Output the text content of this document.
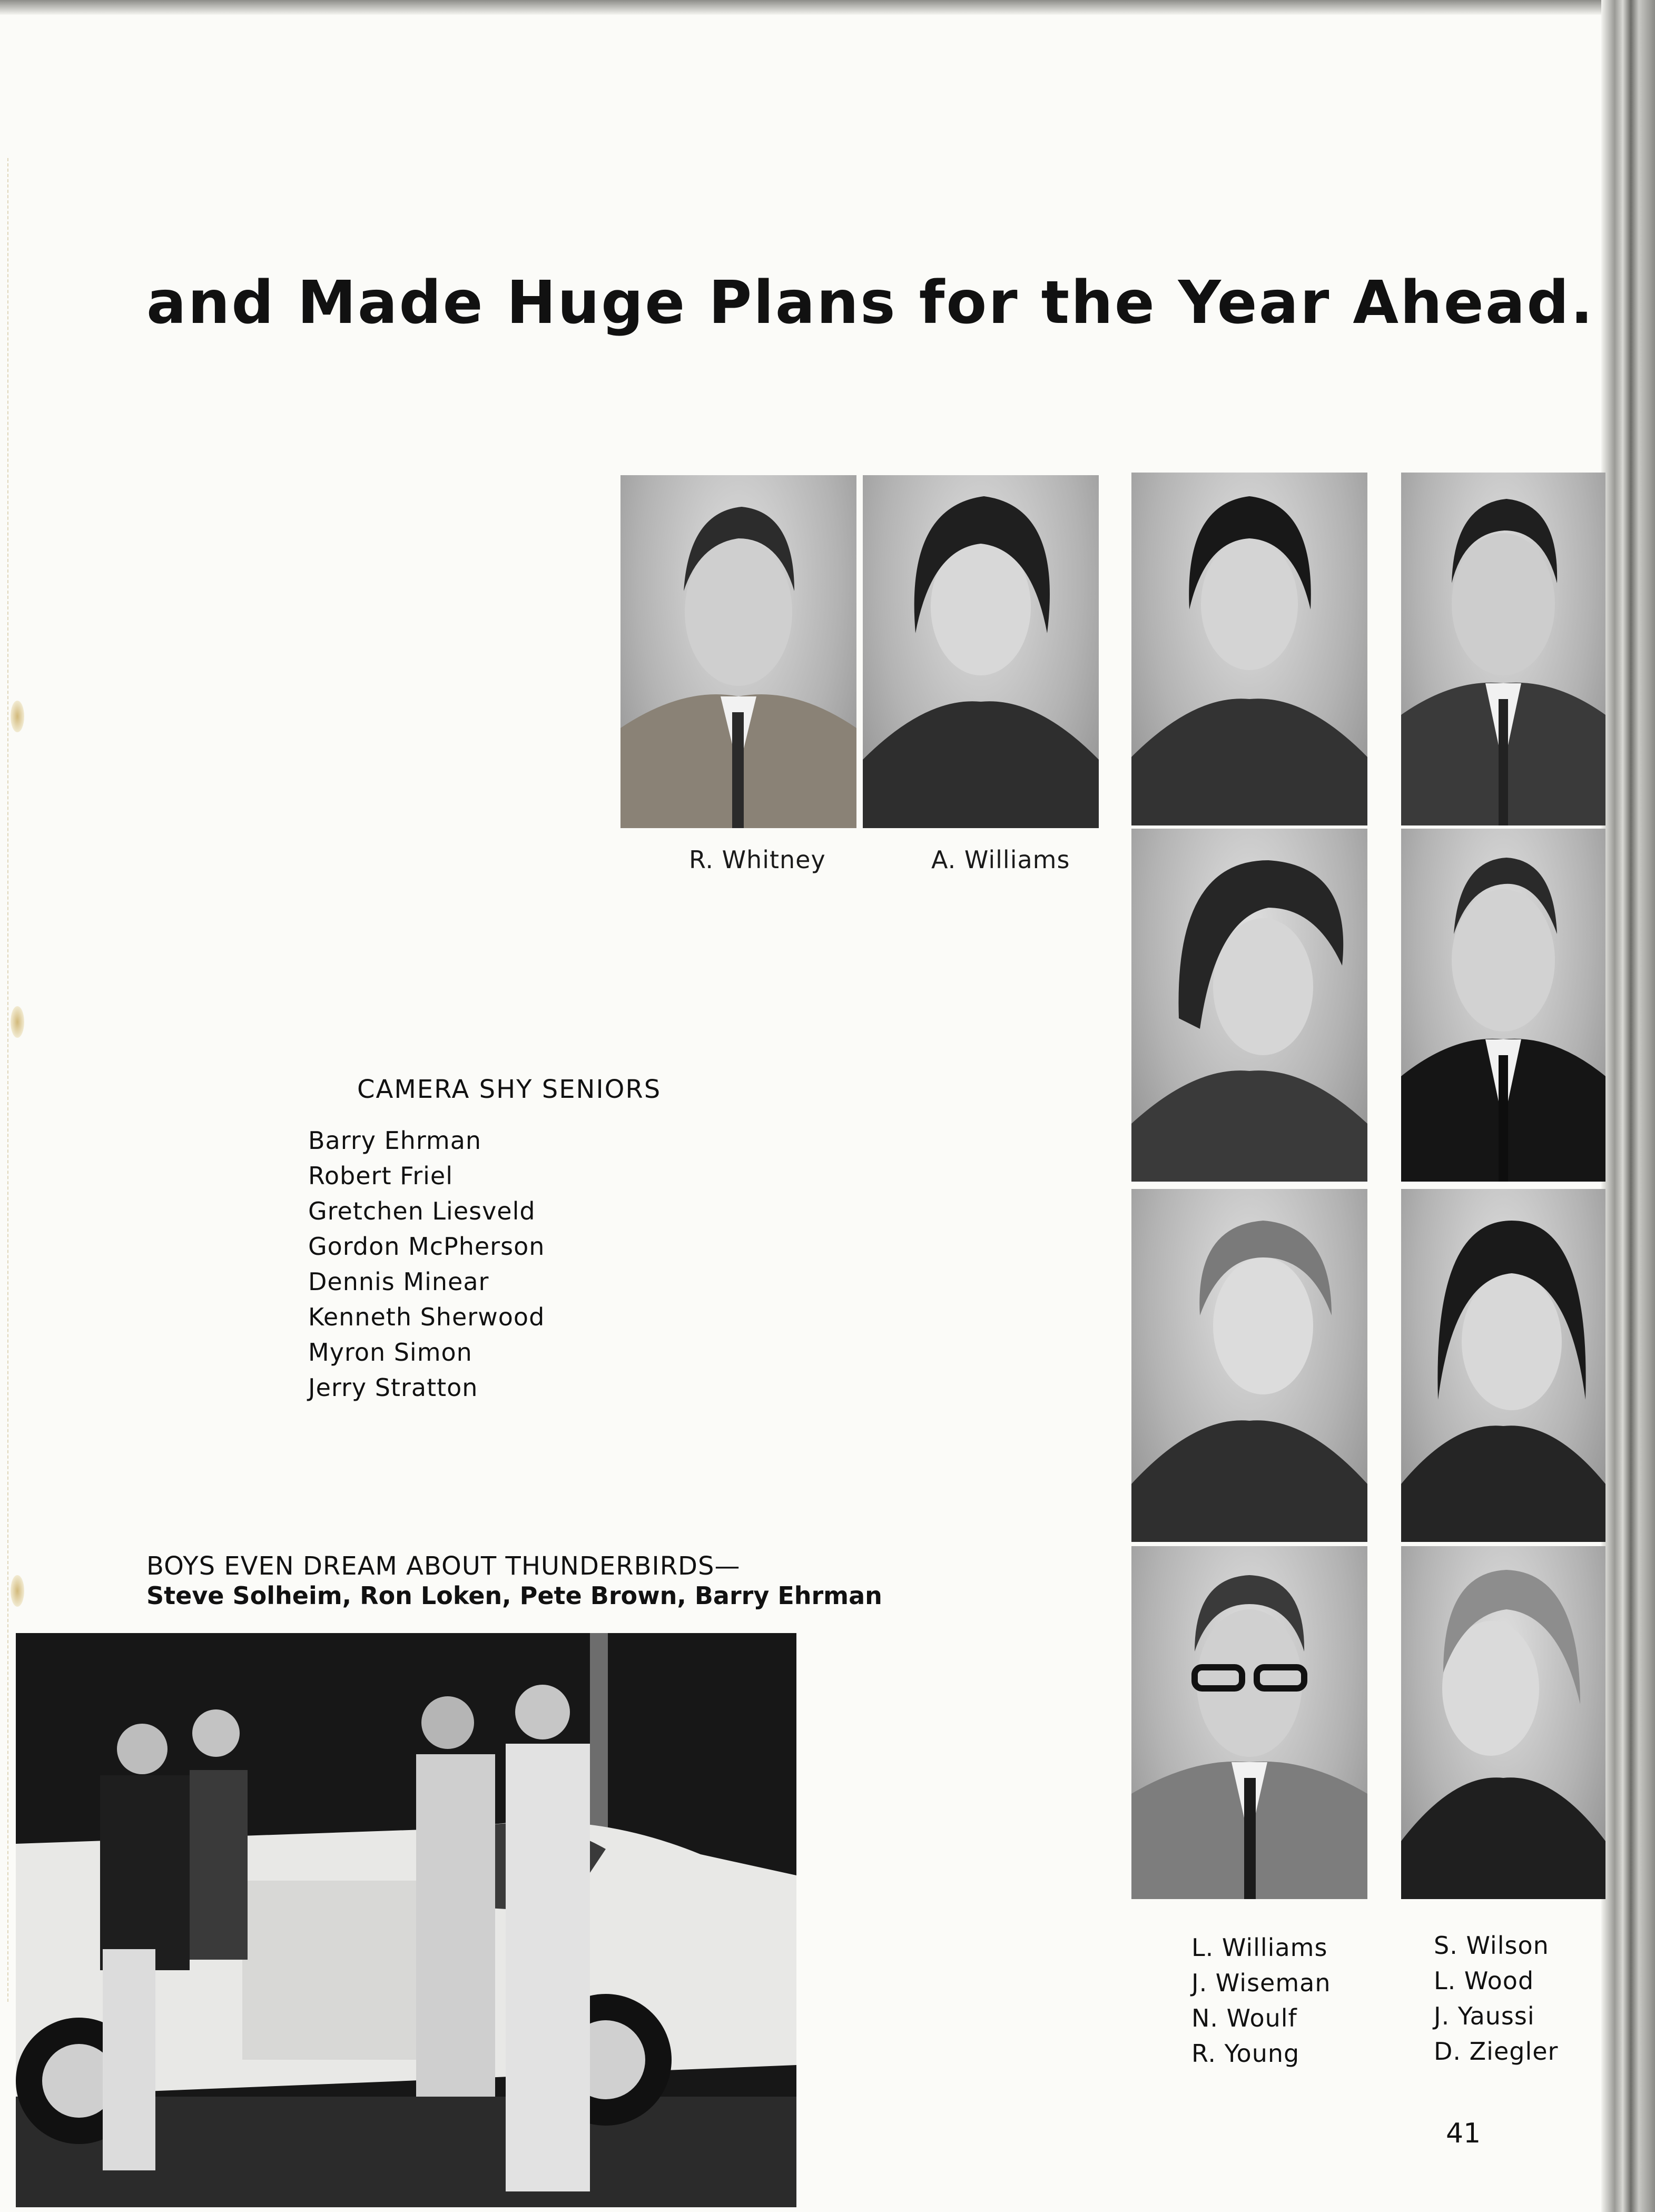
and Made Huge Plans for the Year Ahead.
R. Whitney	A. Williams
CAMERA SHY SENIORS
Barry Ehrman
Robert Friel
Gretchen Liesveld
Gordon McPherson
Dennis Minear
Kenneth Sherwood
Myron Simon
Jerry Stratton
BOYS EVEN DREAM ABOUT THUNDERBIRDS—
Steve Solheim, Ron Loken, Pete Brown, Barry Ehrman
L. Williams
J. Wiseman
N. Woulf
R. Young
S. Wilson
L. Wood
J. Yaussi
D. Ziegler
41
